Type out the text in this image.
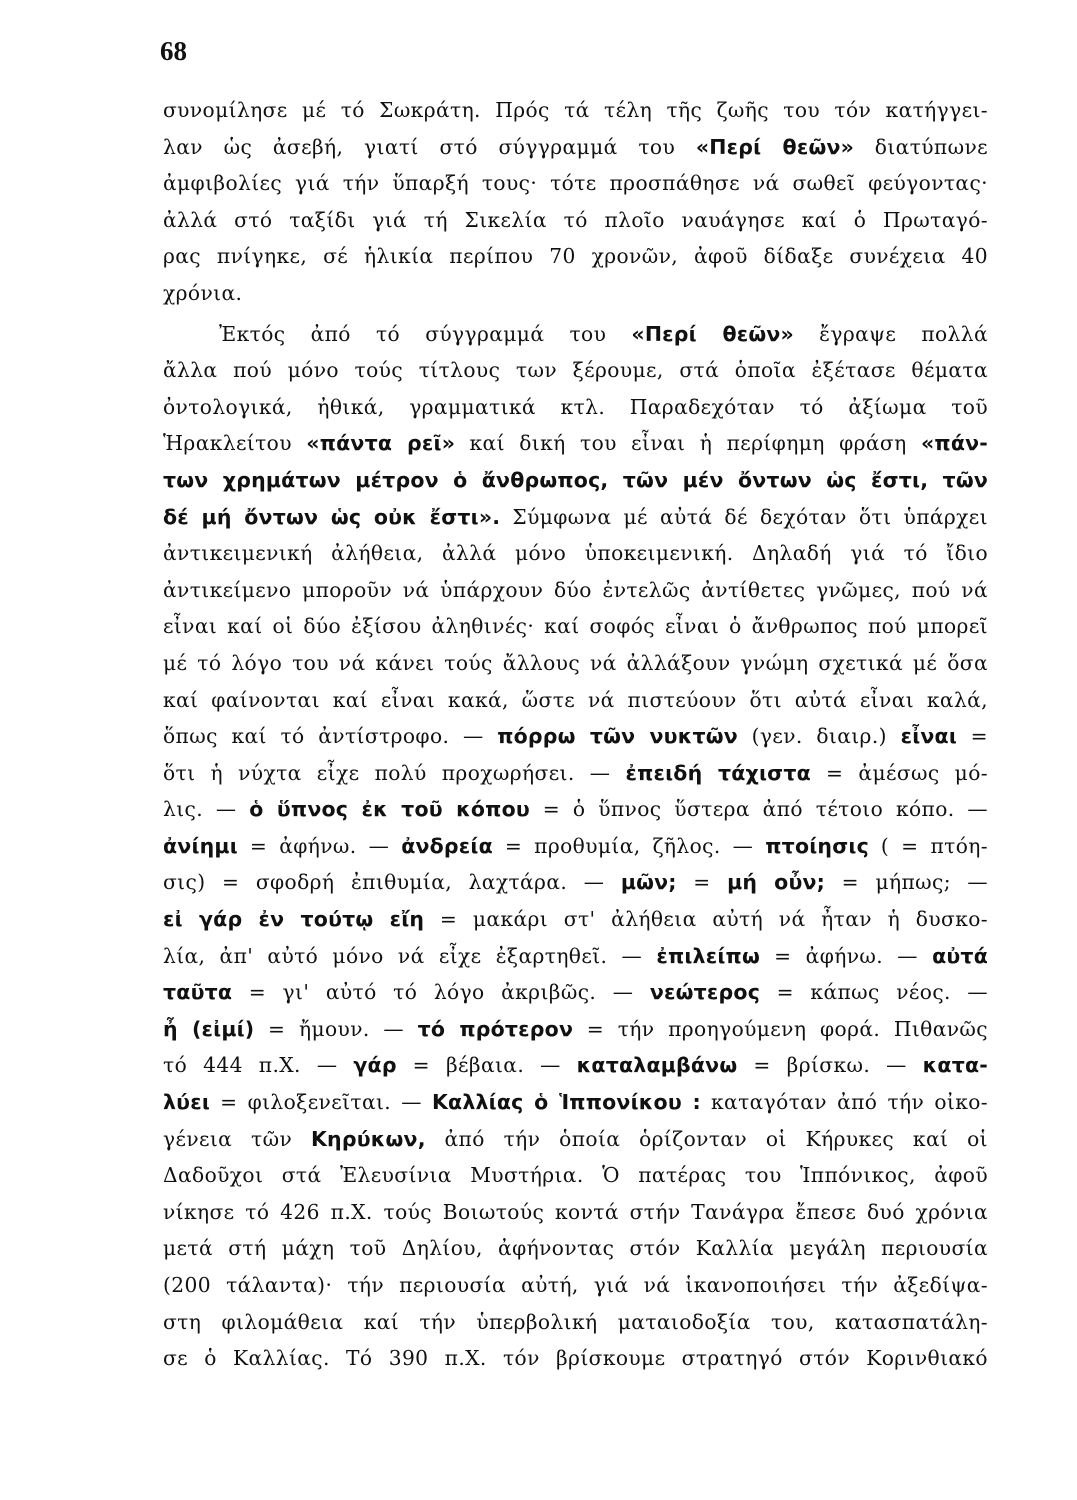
68
συνομίλησε μέ τό Σωκράτη. Πρός τά τέλη τῆς ζωῆς του τόν κατήγγει-
λαν ὡς ἀσεβή, γιατί στό σύγγραμμά του «Περί θεῶν» διατύπωνε
ἀμφιβολίες γιά τήν ὕπαρξή τους· τότε προσπάθησε νά σωθεῖ φεύγοντας·
ἀλλά στό ταξίδι γιά τή Σικελία τό πλοῖο ναυάγησε καί ὁ Πρωταγό-
ρας πνίγηκε, σέ ἡλικία περίπου 70 χρονῶν, ἀφοῦ δίδαξε συνέχεια 40
χρόνια.
Ἐκτός ἀπό τό σύγγραμμά του «Περί θεῶν» ἔγραψε πολλά
ἄλλα πού μόνο τούς τίτλους των ξέρουμε, στά ὁποῖα ἐξέτασε θέματα
ὀντολογικά, ἠθικά, γραμματικά κτλ. Παραδεχόταν τό ἀξίωμα τοῦ
Ἡρακλείτου «πάντα ρεῖ» καί δική του εἶναι ἡ περίφημη φράση «πάν-
των χρημάτων μέτρον ὁ ἄνθρωπος, τῶν μέν ὄντων ὡς ἔστι, τῶν
δέ μή ὄντων ὡς οὐκ ἔστι». Σύμφωνα μέ αὐτά δέ δεχόταν ὅτι ὑπάρχει
ἀντικειμενική ἀλήθεια, ἀλλά μόνο ὑποκειμενική. Δηλαδή γιά τό ἴδιο
ἀντικείμενο μποροῦν νά ὑπάρχουν δύο ἐντελῶς ἀντίθετες γνῶμες, πού νά
εἶναι καί οἱ δύο ἐξίσου ἀληθινές· καί σοφός εἶναι ὁ ἄνθρωπος πού μπορεῖ
μέ τό λόγο του νά κάνει τούς ἄλλους νά ἀλλάξουν γνώμη σχετικά μέ ὅσα
καί φαίνονται καί εἶναι κακά, ὥστε νά πιστεύουν ὅτι αὐτά εἶναι καλά,
ὅπως καί τό ἀντίστροφο. — πόρρω τῶν νυκτῶν (γεν. διαιρ.) εἶναι =
ὅτι ἡ νύχτα εἶχε πολύ προχωρήσει. — ἐπειδή τάχιστα = ἀμέσως μό-
λις. — ὁ ὕπνος ἐκ τοῦ κόπου = ὁ ὕπνος ὕστερα ἀπό τέτοιο κόπο. —
ἀνίημι = ἀφήνω. — ἀνδρεία = προθυμία, ζῆλος. — πτοίησις ( = πτόη-
σις) = σφοδρή ἐπιθυμία, λαχτάρα. — μῶν; = μή οὖν; = μήπως; —
εἰ γάρ ἐν τούτῳ εἴη = μακάρι στ' ἀλήθεια αὐτή νά ἦταν ἡ δυσκο-
λία, ἀπ' αὐτό μόνο νά εἶχε ἐξαρτηθεῖ. — ἐπιλείπω = ἀφήνω. — αὐτά
ταῦτα = γι' αὐτό τό λόγο ἀκριβῶς. — νεώτερος = κάπως νέος. —
ἦ (εἰμί) = ἤμουν. — τό πρότερον = τήν προηγούμενη φορά. Πιθανῶς
τό 444 π.Χ. — γάρ = βέβαια. — καταλαμβάνω = βρίσκω. — κατα-
λύει = φιλοξενεῖται. — Καλλίας ὁ Ἱππονίκου : καταγόταν ἀπό τήν οἰκο-
γένεια τῶν Κηρύκων, ἀπό τήν ὁποία ὁρίζονταν οἱ Κήρυκες καί οἱ
Δαδοῦχοι στά Ἐλευσίνια Μυστήρια. Ὁ πατέρας του Ἱππόνικος, ἀφοῦ
νίκησε τό 426 π.Χ. τούς Βοιωτούς κοντά στήν Τανάγρα ἔπεσε δυό χρόνια
μετά στή μάχη τοῦ Δηλίου, ἀφήνοντας στόν Καλλία μεγάλη περιουσία
(200 τάλαντα)· τήν περιουσία αὐτή, γιά νά ἱκανοποιήσει τήν ἀξεδίψα-
στη φιλομάθεια καί τήν ὑπερβολική ματαιοδοξία του, κατασπατάλη-
σε ὁ Καλλίας. Τό 390 π.Χ. τόν βρίσκουμε στρατηγό στόν Κορινθιακό
